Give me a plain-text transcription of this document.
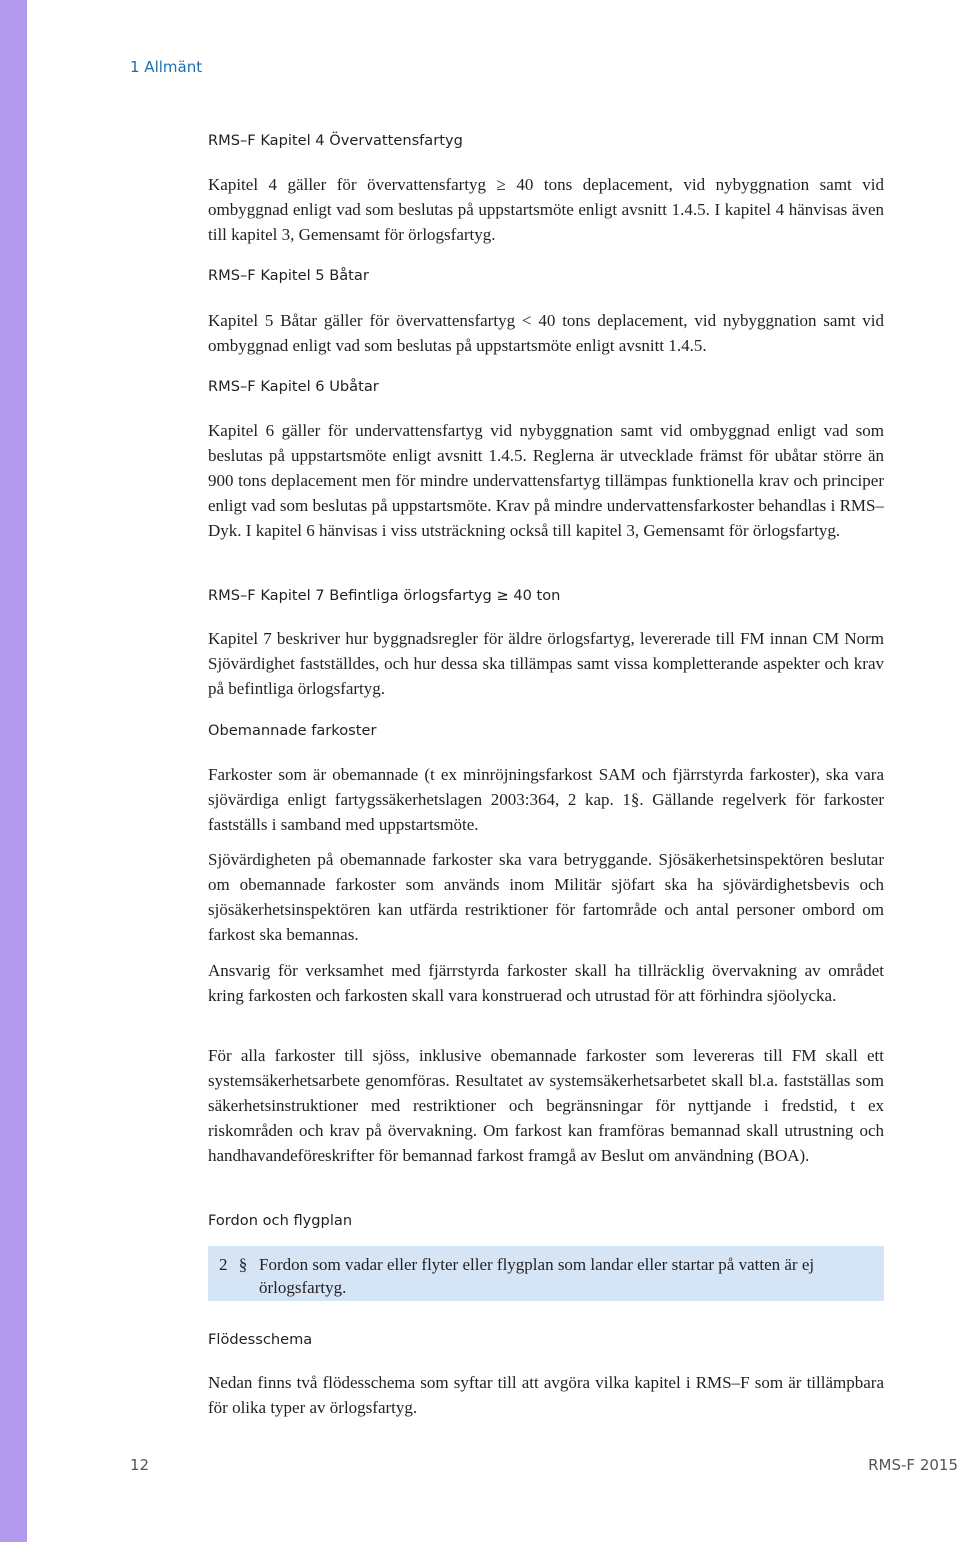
1 Allmänt
RMS–F Kapitel 4 Övervattensfartyg
Kapitel 4 gäller för övervattensfartyg ≥ 40 tons deplacement, vid nybyggnation samt vid ombyggnad enligt vad som beslutas på uppstartsmöte enligt avsnitt 1.4.5. I kapitel 4 hänvisas även till kapitel 3, Gemensamt för örlogsfartyg.
RMS–F Kapitel 5 Båtar
Kapitel 5 Båtar gäller för övervattensfartyg < 40 tons deplacement, vid nybyggnation samt vid ombyggnad enligt vad som beslutas på uppstartsmöte enligt avsnitt 1.4.5.
RMS–F Kapitel 6 Ubåtar
Kapitel 6 gäller för undervattensfartyg vid nybyggnation samt vid ombyggnad enligt vad som beslutas på uppstartsmöte enligt avsnitt 1.4.5. Reglerna är utvecklade främst för ubåtar större än 900 tons deplacement men för mindre undervattensfartyg tillämpas funktionella krav och principer enligt vad som beslutas på uppstartsmöte. Krav på mindre undervattensfarkoster behandlas i RMS–Dyk. I kapitel 6 hänvisas i viss utsträckning också till kapitel 3, Gemensamt för örlogsfartyg.
RMS–F Kapitel 7 Befintliga örlogsfartyg ≥ 40 ton
Kapitel 7 beskriver hur byggnadsregler för äldre örlogsfartyg, levererade till FM innan CM Norm Sjövärdighet fastställdes, och hur dessa ska tillämpas samt vissa kompletterande aspekter och krav på befintliga örlogsfartyg.
Obemannade farkoster
Farkoster som är obemannade (t ex minröjningsfarkost SAM och fjärrstyrda farkoster), ska vara sjövärdiga enligt fartygssäkerhetslagen 2003:364, 2 kap. 1§. Gällande regelverk för farkoster fastställs i samband med uppstartsmöte.
Sjövärdigheten på obemannade farkoster ska vara betryggande. Sjösäkerhetsinspektören beslutar om obemannade farkoster som används inom Militär sjöfart ska ha sjövärdighetsbevis och sjösäkerhetsinspektören kan utfärda restriktioner för fartområde och antal personer ombord om farkost ska bemannas.
Ansvarig för verksamhet med fjärrstyrda farkoster skall ha tillräcklig övervakning av området kring farkosten och farkosten skall vara konstruerad och utrustad för att förhindra sjöolycka.
För alla farkoster till sjöss, inklusive obemannade farkoster som levereras till FM skall ett systemsäkerhetsarbete genomföras. Resultatet av systemsäkerhetsarbetet skall bl.a. fastställas som säkerhetsinstruktioner med restriktioner och begränsningar för nyttjande i fredstid, t ex riskområden och krav på övervakning. Om farkost kan framföras bemannad skall utrustning och handhavandeföreskrifter för bemannad farkost framgå av Beslut om användning (BOA).
Fordon och flygplan
Flödesschema
Nedan finns två flödesschema som syftar till att avgöra vilka kapitel i RMS–F som är tillämpbara för olika typer av örlogsfartyg.
2 § Fordon som vadar eller flyter eller flygplan som landar eller startar på vatten är ej örlogsfartyg.
12	RMS-F 2015
